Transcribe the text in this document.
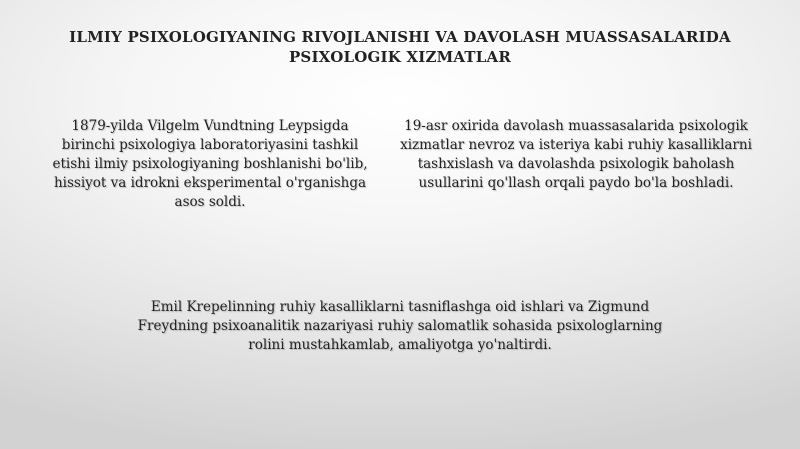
ILMIY PSIXOLOGIYANING RIVOJLANISHI VA DAVOLASH MUASSASALARIDA PSIXOLOGIK XIZMATLAR

1879-yilda Vilgelm Vundtning Leypsigda birinchi psixologiya laboratoriyasini tashkil etishi ilmiy psixologiyaning boshlanishi bo'lib, hissiyot va idrokni eksperimental o'rganishga asos soldi.

19-asr oxirida davolash muassasalarida psixologik xizmatlar nevroz va isteriya kabi ruhiy kasalliklarni tashxislash va davolashda psixologik baholash usullarini qo'llash orqali paydo bo'la boshladi.

Emil Krepelinning ruhiy kasalliklarni tasniflashga oid ishlari va Zigmund Freydning psixoanalitik nazariyasi ruhiy salomatlik sohasida psixologlarning rolini mustahkamlab, amaliyotga yo'naltirdi.
